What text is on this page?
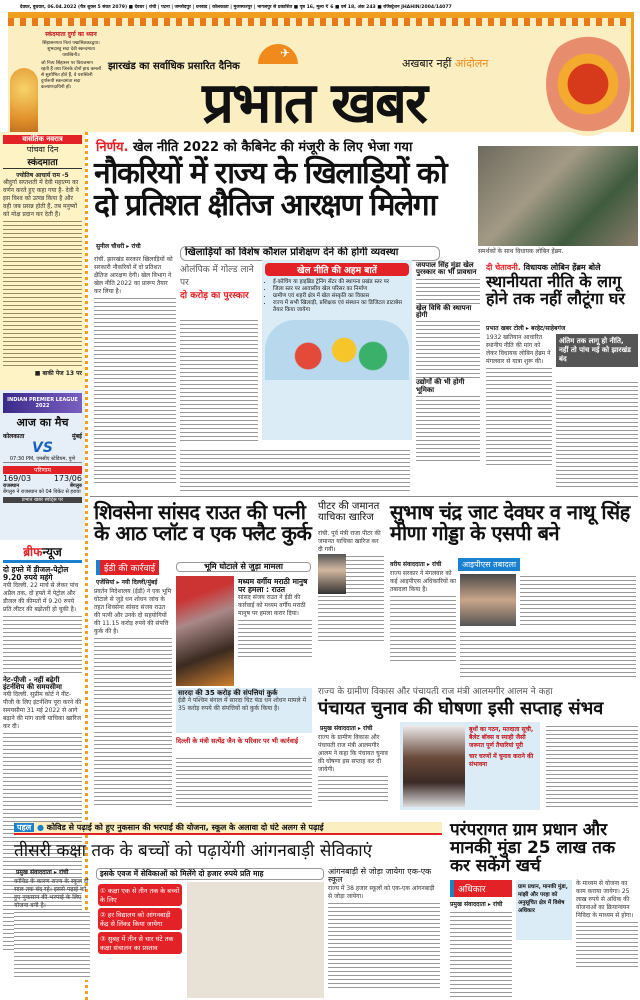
देवघर, बुधवार, 06.04.2022 (चैत्र शुक्ल 5 संवत 2079) ■ देवघर | रांची | पटना | जमशेदपुर | धनबाद | कोलकाता | मुजफ्फरपुर | भागलपुर से प्रकाशित ■ पृष्ठ 16, मूल्य ₹ 6 ■ वर्ष 18, अंक 243 ■ रजिस्ट्रेशन JHAHIN/2004/14077
स्कंदमाता दुर्गा का ध्यान
सिंहासनगता नित्यं पद्माश्रितकरद्वया। शुभदास्तु सदा देवी स्कन्दमाता यशस्विनी॥
जो नित्य सिंहासन पर विराजमान रहती हैं तथा जिनके दोनों हाथ कमलों से सुशोभित होते हैं, वे यशस्विनी दुर्गारूपी स्कन्दमाता सदा कल्याणदायिनी हों।
झारखंड का सर्वाधिक प्रसारित दैनिक
✈
प्रभात खबर
अखबार नहीं आंदोलन
वासंतिक नवरात्र
पांचवा दिन
स्कंदमाता
ज्योतिष आचार्य राम -5
श्रीदुर्गा सप्तशती में देवी महात्म्य का वर्णन करते हुए कहा गया है- देवी ने इस विश्व को उत्पन्न किया है और वही जब प्रसन्न होती हैं, तब मनुष्यों को मोक्ष प्रदान कर देती हैं।
■ बाकी पेज 13 पर
INDIAN PREMIER LEAGUE 2022
आज का मैच
कोलकाता	मुंबई
VS
07:30 PM, एमसीए स्टेडियम, पुणे
परिणाम
169/03	173/06
राजस्थान	बेंगलुरु
बेंगलुरु ने राजस्थान को 04 विकेट से हराया
प्रभात खबर स्पोर्ट्स पर
ब्रीफन्यूज
दो हफ्ते में डीजल-पेट्रोल 9.20 रुपये महंगे
नयी दिल्ली. 22 मार्च से लेकर पांच अप्रैल तक, दो हफ्ते में पेट्रोल और डीजल की कीमतों में 9.20 रुपये प्रति लीटर की बढ़ोतरी हो चुकी है।
नेट-पीजी - नहीं बढ़ेगी इंटर्नशिप की समयसीमा
नयी दिल्ली. सुप्रीम कोर्ट ने नीट-पीजी के लिए इंटर्नशिप पूरा करने की समयसीमा 31 मई 2022 से आगे बढ़ाने की मांग वाली याचिका खारिज कर दी।
निर्णय. खेल नीति 2022 को कैबिनेट की मंजूरी के लिए भेजा गया
नौकरियों में राज्य के खिलाड़ियों को दो प्रतिशत क्षैतिज आरक्षण मिलेगा
सुनील चौधरी ▸ रांची
समर्थकों के साथ विधायक लोबिन हेंब्रम.
खिलाड़ियों को विशेष कौशल प्रशिक्षण देने की होगी व्यवस्था
ओलंपिक में गोल्ड लाने पर
दो करोड़ का पुरस्कार
रांची. झारखंड सरकार खिलाड़ियों को सरकारी नौकरियों में दो प्रतिशत क्षैतिज आरक्षण देगी। खेल विभाग ने खेल नीति 2022 का प्रारूप तैयार कर लिया है।
खेल नीति की अहम बातें
• ई-कोचिंग या हाइब्रिड ट्रेनिंग सेंटर की स्थापना प्रखंड स्तर पर
• जिला स्तर पर आवासीय खेल परिसर का निर्माण
• ग्रामीण एवं शहरी क्षेत्र में खेल संस्कृति का विकास
• राज्य में सभी खिलाड़ी, प्रशिक्षक एवं संस्थान का डिजिटल डाटाबेस तैयार किया जायेगा
जयपाल सिंह मुंडा खेल पुरस्कार का भी प्रावधान
खेल विधि की स्थापना होगी
उद्योगों की भी होगी भूमिका
दी चेतावनी. विधायक लोबिन हेंब्रम बोले
स्थानीयता नीति के लागू होने तक नहीं लौटूंगा घर
प्रभात खबर टोली ▸ बरहेट/साहेबगंज
अंतिम तक लागू हो नीति, नहीं तो पांच मई को झारखंड बंद
1932 खतियान आधारित स्थानीय नीति की मांग को लेकर विधायक लोबिन हेंब्रम ने मंगलवार से यात्रा शुरू की।
शिवसेना सांसद राउत की पत्नी के आठ प्लॉट व एक फ्लैट कुर्क
ईडी की कार्रवाई
एजेंसियां ▸ नयी दिल्ली/मुंबई
प्रवर्तन निदेशालय (ईडी) ने एक भूमि घोटाले से जुड़े धन शोधन जांच के तहत शिवसेना सांसद संजय राउत की पत्नी और उनके दो सहयोगियों की 11.15 करोड़ रुपये की संपत्ति कुर्क की है।
भूमि घोटाले से जुड़ा मामला
मध्यम वर्गीय मराठी मानुष पर हमला : राउत
सांसद संजय राउत ने ईडी की कार्रवाई को मध्यम वर्गीय मराठी मानुष पर हमला करार दिया।
सारदा की 35 करोड़ की संपत्तियां कुर्क
ईडी ने पश्चिम बंगाल में सारदा चिट फंड धन शोधन मामले में 35 करोड़ रुपये की संपत्तियों को कुर्क किया है।
दिल्ली के मंत्री सत्येंद्र जैन के परिवार पर भी कार्रवाई
पीटर की जमानत याचिका खारिज
रांची. पूर्व मंत्री राजा पीटर की जमानत याचिका खारिज कर दी गयी।
सुभाष चंद्र जाट देवघर व नाथू सिंह मीणा गोड्डा के एसपी बने
वरीय संवाददाता ▸ रांची	आइपीएस तबादला
राज्य सरकार ने मंगलवार को कई आइपीएस अधिकारियों का तबादला किया है।
राज्य के ग्रामीण विकास और पंचायती राज मंत्री आलमगीर आलम ने कहा
पंचायत चुनाव की घोषणा इसी सप्ताह संभव
प्रमुख संवाददाता ▸ रांची
राज्य के ग्रामीण विकास और पंचायती राज मंत्री आलमगीर आलम ने कहा कि पंचायत चुनाव की घोषणा इस सप्ताह कर दी जायेगी।
बूथों का गठन, मतदाता सूची, बैलेट बॉक्स व स्याही जैसी जरूरत पूर्ण तैयारियां पूरी
चार चरणों में चुनाव कराने की संभावना
पहल ● कोविड से पढ़ाई को हुए नुकसान की भरपाई की योजना, स्कूल के अलावा दो घंटे अलग से पढ़ाई
तीसरी कक्षा तक के बच्चों को पढ़ायेंगी आंगनबाड़ी सेविकाएं
प्रमुख संवाददाता ▸ रांची
कोविड के कारण राज्य के स्कूल दो साल तक बंद रहे। इससे पढ़ाई को हुए नुकसान की भरपाई के लिए योजना बनी है।
इसके एवज में सेविकाओं को मिलेंगे दो हजार रुपये प्रति माह
① कक्षा एक से तीन तक के बच्चों के लिए
② हर विद्यालय को आंगनबाड़ी केंद्र से लिंक्ड किया जायेगा
③ सुबह में तीन से चार घंटे तक कक्षा संचालन का प्रस्ताव
आंगनबाड़ी से जोड़ा जायेगा एक-एक स्कूल
राज्य में 38 हजार स्कूलों को एक-एक आंगनबाड़ी से जोड़ा जायेगा।
परंपरागत ग्राम प्रधान और मानकी मुंडा 25 लाख तक कर सकेंगे खर्च
अधिकार
प्रमुख संवाददाता ▸ रांची
ग्राम प्रधान, मानकी मुंडा, मांझी और परहा को अनुसूचित क्षेत्र में विशेष अधिकार
के माध्यम से योजना का काम कराया जायेगा। 25 लाख रुपये से अधिक की योजनाओं का क्रियान्वयन निविदा के माध्यम से होगा।
